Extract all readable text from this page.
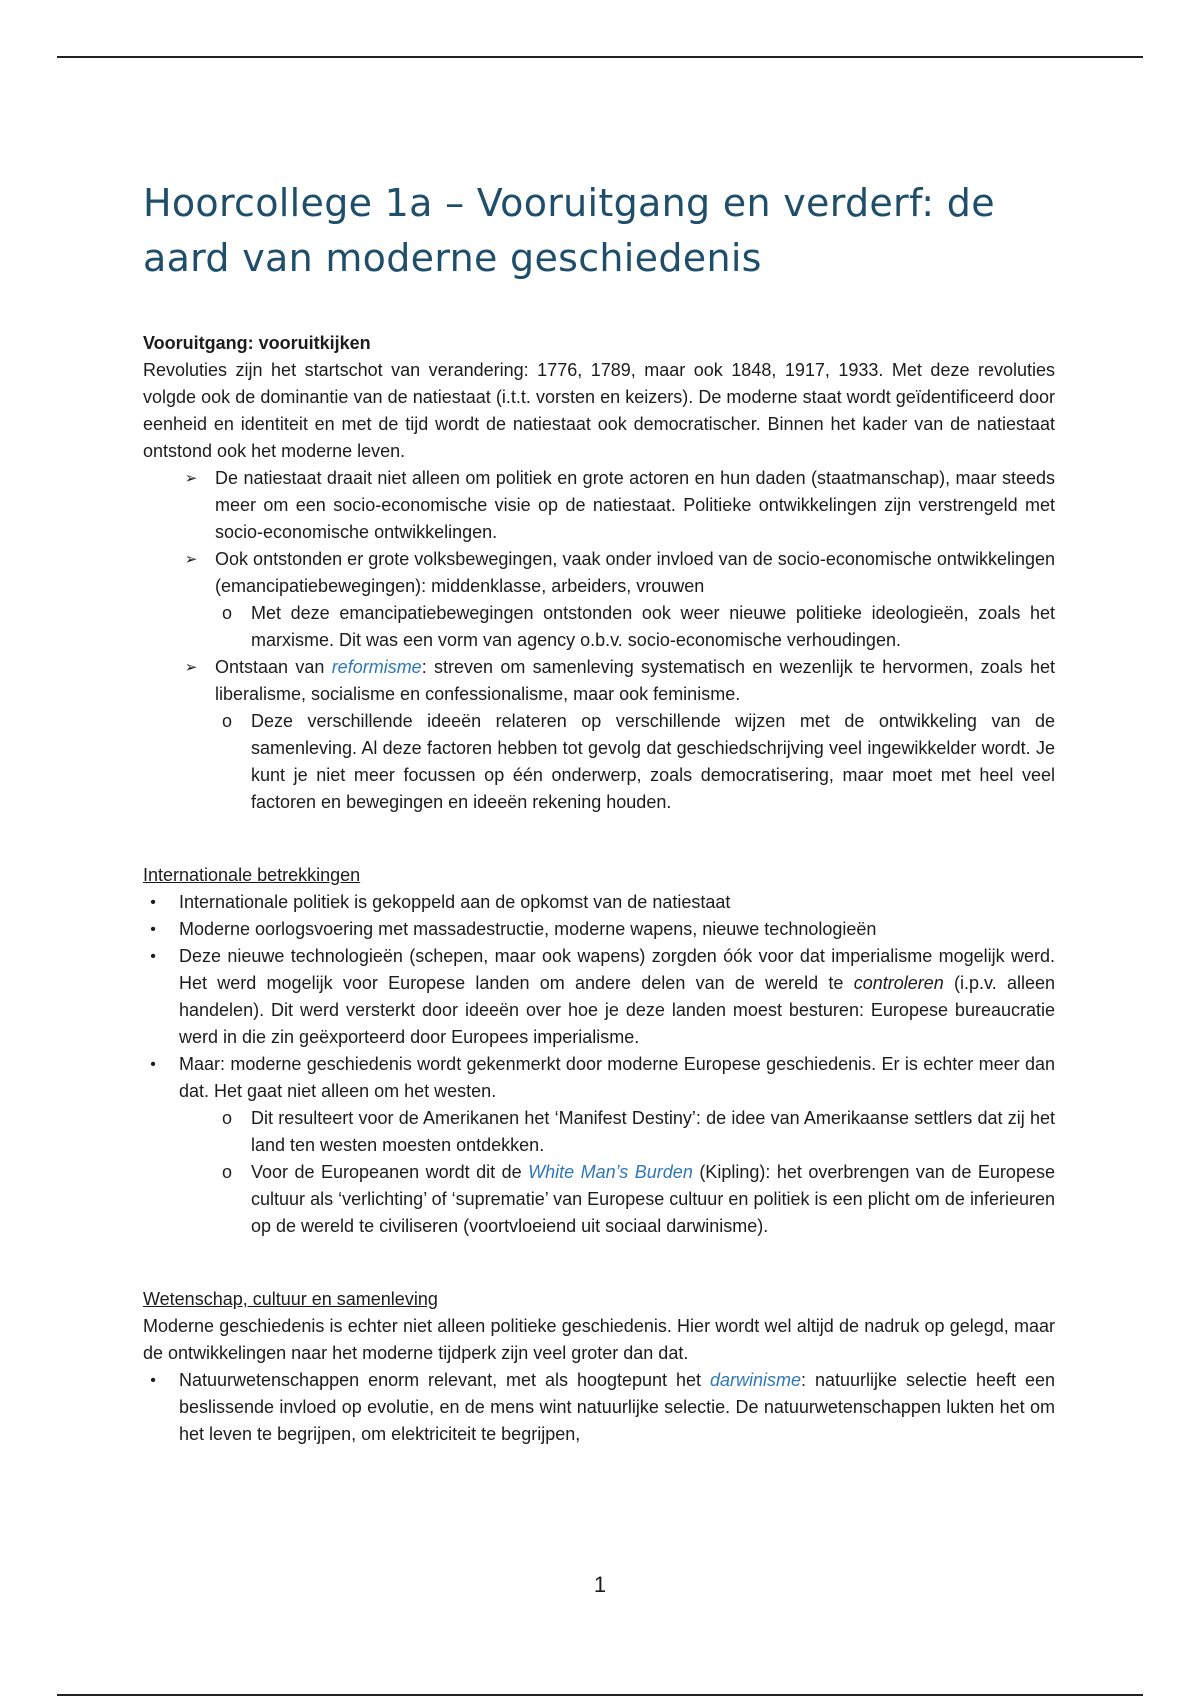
Hoorcollege 1a – Vooruitgang en verderf: de aard van moderne geschiedenis
Vooruitgang: vooruitkijken

Revoluties zijn het startschot van verandering: 1776, 1789, maar ook 1848, 1917, 1933. Met deze revoluties volgde ook de dominantie van de natiestaat (i.t.t. vorsten en keizers). De moderne staat wordt geïdentificeerd door eenheid en identiteit en met de tijd wordt de natiestaat ook democratischer. Binnen het kader van de natiestaat ontstond ook het moderne leven.

➢ De natiestaat draait niet alleen om politiek en grote actoren en hun daden (staatmanschap), maar steeds meer om een socio-economische visie op de natiestaat. Politieke ontwikkelingen zijn verstrengeld met socio-economische ontwikkelingen.
➢ Ook ontstonden er grote volksbewegingen, vaak onder invloed van de socio-economische ontwikkelingen (emancipatiebewegingen): middenklasse, arbeiders, vrouwen
o Met deze emancipatiebewegingen ontstonden ook weer nieuwe politieke ideologieën, zoals het marxisme. Dit was een vorm van agency o.b.v. socio-economische verhoudingen.
➢ Ontstaan van reformisme: streven om samenleving systematisch en wezenlijk te hervormen, zoals het liberalisme, socialisme en confessionalisme, maar ook feminisme.
o Deze verschillende ideeën relateren op verschillende wijzen met de ontwikkeling van de samenleving. Al deze factoren hebben tot gevolg dat geschiedschrijving veel ingewikkelder wordt. Je kunt je niet meer focussen op één onderwerp, zoals democratisering, maar moet met heel veel factoren en bewegingen en ideeën rekening houden.
Internationale betrekkingen
•	Internationale politiek is gekoppeld aan de opkomst van de natiestaat
•	Moderne oorlogsvoering met massadestructie, moderne wapens, nieuwe technologieën
•	Deze nieuwe technologieën (schepen, maar ook wapens) zorgden óók voor dat imperialisme mogelijk werd. Het werd mogelijk voor Europese landen om andere delen van de wereld te controleren (i.p.v. alleen handelen). Dit werd versterkt door ideeën over hoe je deze landen moest besturen: Europese bureaucratie werd in die zin geëxporteerd door Europees imperialisme.
•	Maar: moderne geschiedenis wordt gekenmerkt door moderne Europese geschiedenis. Er is echter meer dan dat. Het gaat niet alleen om het westen.
o Dit resulteert voor de Amerikanen het ‘Manifest Destiny’: de idee van Amerikaanse settlers dat zij het land ten westen moesten ontdekken.
o Voor de Europeanen wordt dit de White Man’s Burden (Kipling): het overbrengen van de Europese cultuur als ‘verlichting’ of ‘suprematie’ van Europese cultuur en politiek is een plicht om de inferieuren op de wereld te civiliseren (voortvloeiend uit sociaal darwinisme).
Wetenschap, cultuur en samenleving

Moderne geschiedenis is echter niet alleen politieke geschiedenis. Hier wordt wel altijd de nadruk op gelegd, maar de ontwikkelingen naar het moderne tijdperk zijn veel groter dan dat.

•	Natuurwetenschappen enorm relevant, met als hoogtepunt het darwinisme: natuurlijke selectie heeft een beslissende invloed op evolutie, en de mens wint natuurlijke selectie. De natuurwetenschappen lukten het om het leven te begrijpen, om elektriciteit te begrijpen,
1
